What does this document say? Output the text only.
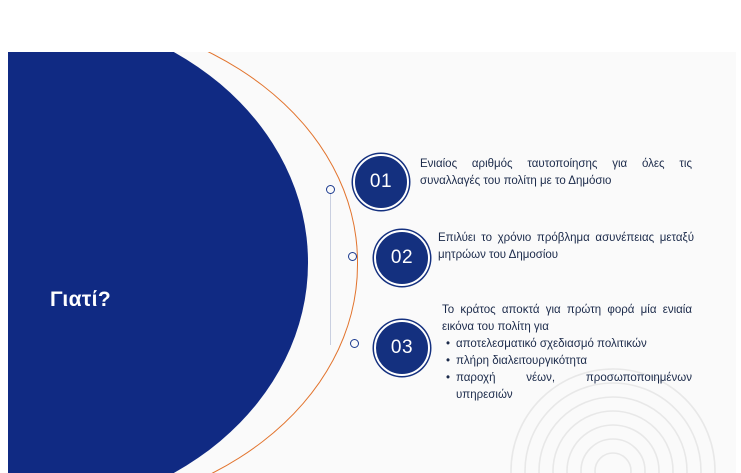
Γιατί?
01
Ενιαίος αριθμός ταυτοποίησης για όλες τις συναλλαγές του πολίτη με το Δημόσιο
02
Επιλύει το χρόνιο πρόβλημα ασυνέπειας μεταξύ μητρώων του Δημοσίου
03
Το κράτος αποκτά για πρώτη φορά μία ενιαία εικόνα του πολίτη για
• αποτελεσματικό σχεδιασμό πολιτικών
• πλήρη διαλειτουργικότητα
• παροχή νέων, προσωποποιημένων υπηρεσιών
